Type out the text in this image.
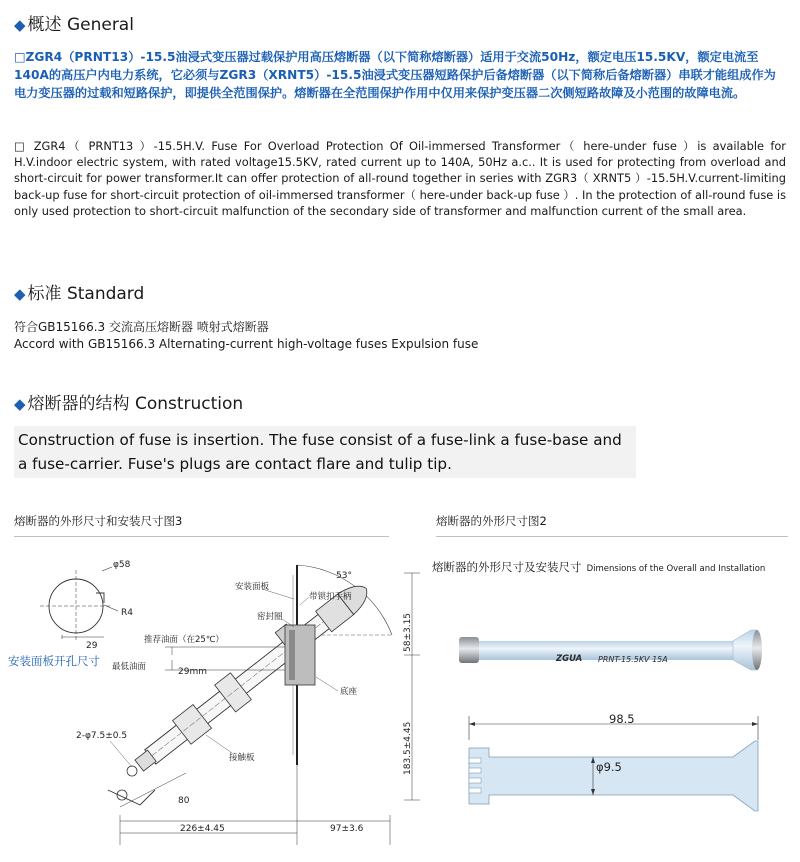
◆ 概述 General
□ZGR4（PRNT13）-15.5油浸式变压器过载保护用高压熔断器（以下简称熔断器）适用于交流50Hz，额定电压15.5KV，额定电流至140A的高压户内电力系统，它必须与ZGR3（XRNT5）-15.5油浸式变压器短路保护后备熔断器（以下简称后备熔断器）串联才能组成作为电力变压器的过载和短路保护，即提供全范围保护。熔断器在全范围保护作用中仅用来保护变压器二次侧短路故障及小范围的故障电流。
□ ZGR4（ PRNT13 ）-15.5H.V. Fuse For Overload Protection Of Oil-immersed Transformer（ here-under fuse ）is available for H.V.indoor electric system, with rated voltage15.5KV, rated current up to 140A, 50Hz a.c.. It is used for protecting from overload and short-circuit for power transformer.It can offer protection of all-round together in series with ZGR3（ XRNT5 ）-15.5H.V.current-limiting back-up fuse for short-circuit protection of oil-immersed transformer（ here-under back-up fuse ）. In the protection of all-round fuse is only used protection to short-circuit malfunction of the secondary side of transformer and malfunction current of the small area.
◆ 标准 Standard
符合GB15166.3 交流高压熔断器 喷射式熔断器
Accord with GB15166.3 Alternating-current high-voltage fuses Expulsion fuse
◆ 熔断器的结构 Construction
Construction of fuse is insertion. The fuse consist of a fuse-link a fuse-base and a fuse-carrier. Fuse's plugs are contact flare and tulip tip.
熔断器的外形尺寸和安装尺寸图3	熔断器的外形尺寸图2
熔断器的外形尺寸及安装尺寸 Dimensions of the Overall and Installation
φ58
R4
29
安装面板开孔尺寸
53°
安装面板
带锁扣手柄
密封圈
推荐油面（在25℃）
最低油面
底座
接触板
29mm
2-φ7.5±0.5
80
226±4.45	97±3.6
58±3.15
183.5±4.45
ZGUA PRNT-15.5KV 15A
98.5
φ9.5
